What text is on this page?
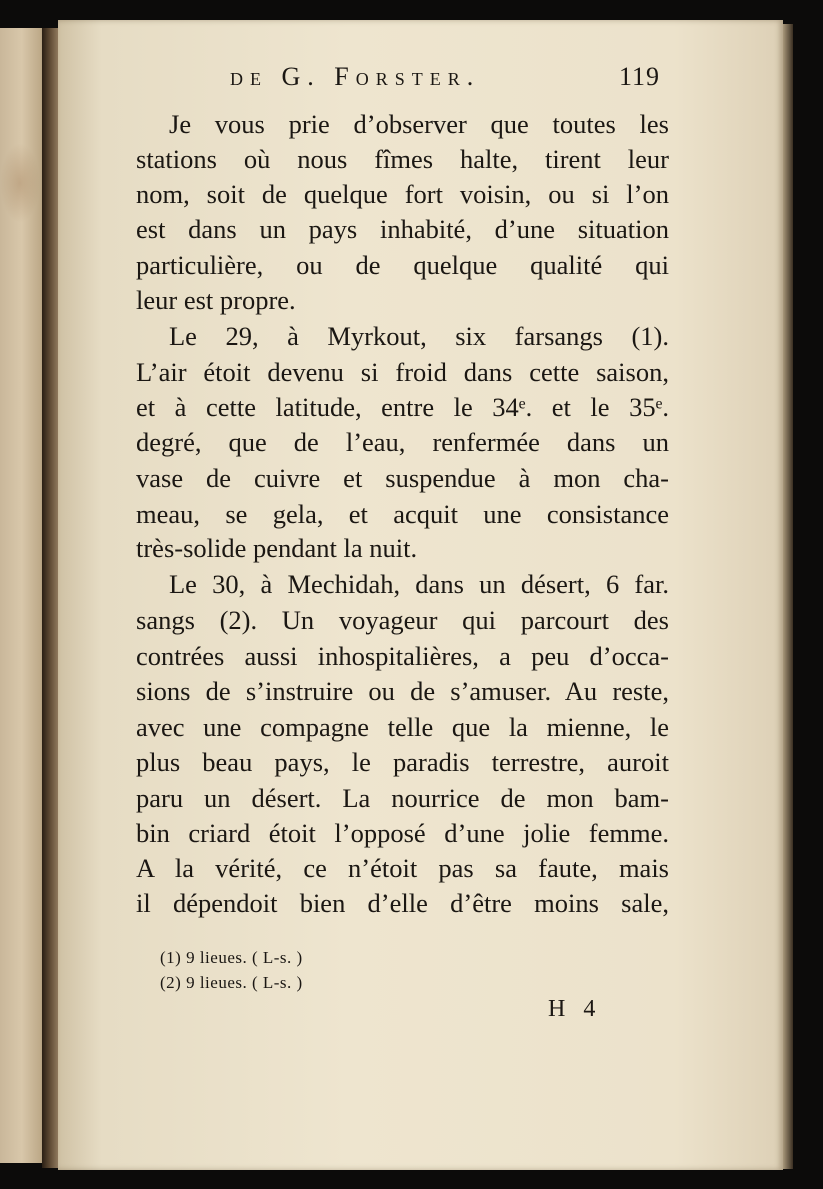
de G. Forster.	119
Je vous prie d’observer que toutes les
stations où nous fîmes halte, tirent leur
nom, soit de quelque fort voisin, ou si l’on
est dans un pays inhabité, d’une situation
particulière, ou de quelque qualité qui
leur est propre.
Le 29, à Myrkout, six farsangs (1).
L’air étoit devenu si froid dans cette saison,
et à cette latitude, entre le 34ᵉ. et le 35ᵉ.
degré, que de l’eau, renfermée dans un
vase de cuivre et suspendue à mon cha-
meau, se gela, et acquit une consistance
très-solide pendant la nuit.
Le 30, à Mechidah, dans un désert, 6 far.
sangs (2). Un voyageur qui parcourt des
contrées aussi inhospitalières, a peu d’occa-
sions de s’instruire ou de s’amuser. Au reste,
avec une compagne telle que la mienne, le
plus beau pays, le paradis terrestre, auroit
paru un désert. La nourrice de mon bam-
bin criard étoit l’opposé d’une jolie femme.
A la vérité, ce n’étoit pas sa faute, mais
il dépendoit bien d’elle d’être moins sale,
(1) 9 lieues. ( L-s. )
(2) 9 lieues. ( L-s. )
H 4
